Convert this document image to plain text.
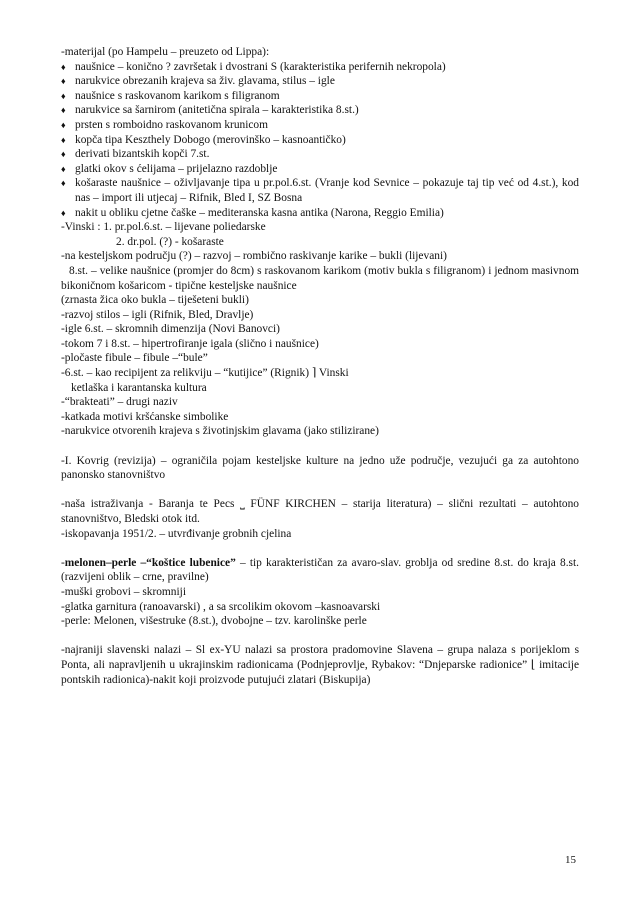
-materijal (po Hampelu – preuzeto od Lippa):
♦ naušnice – konično ? završetak i dvostrani S (karakteristika perifernih nekropola)
♦ narukvice obrezanih krajeva sa živ. glavama, stilus – igle
♦ naušnice s raskovanom karikom s filigranom
♦ narukvice sa šarnirom (anitetična spirala – karakteristika 8.st.)
♦ prsten s romboidno raskovanom krunicom
♦ kopča tipa Keszthely Dobogo (merovinško – kasnoantičko)
♦ derivati bizantskih kopči 7.st.
♦ glatki okov s ćelijama – prijelazno razdoblje
♦ košaraste naušnice – oživljavanje tipa u pr.pol.6.st. (Vranje kod Sevnice – pokazuje taj tip već od 4.st.), kod nas – import ili utjecaj – Rifnik, Bled I, SZ Bosna
♦ nakit u obliku cjetne čaške – mediteranska kasna antika (Narona, Reggio Emilia)
-Vinski : 1. pr.pol.6.st. – lijevane poliedarske
2. dr.pol. (?) - košaraste
-na kesteljskom području (?) – razvoj – rombično raskivanje karike – bukli (lijevani)
8.st. – velike naušnice (promjer do 8cm) s raskovanom karikom (motiv bukla s filigranom) i jednom masivnom bikoničnom košaricom - tipične kesteljske naušnice
(zrnasta žica oko bukla – tiješeteni bukli)
-razvoj stilos – igli (Rifnik, Bled, Dravlje)
-igle 6.st. – skromnih dimenzija (Novi Banovci)
-tokom 7 i 8.st. – hipertrofiranje igala (slično i naušnice)
-pločaste fibule – fibule –“bule”
-6.st. – kao recipijent za relikviju – “kutijice” (Rignik) ⌉ Vinski
ketlaška i karantanska kultura
-“brakteati” – drugi naziv
-katkada motivi kršćanske simbolike
-narukvice otvorenih krajeva s životinjskim glavama (jako stilizirane)
-I. Kovrig (revizija) – ograničila pojam kesteljske kulture na jedno uže područje, vezujući ga za autohtono panonsko stanovništvo
-naša istraživanja - Baranja te Pecs ⎵ FÜNF KIRCHEN – starija literatura) – slični rezultati – autohtono stanovništvo, Bledski otok itd.
-iskopavanja 1951/2. – utvrđivanje grobnih cjelina
-melonen–perle –“koštice lubenice” – tip karakterističan za avaro-slav. groblja od sredine 8.st. do kraja 8.st. (razvijeni oblik – crne, pravilne)
-muški grobovi – skromniji
-glatka garnitura (ranoavarski) , a sa srcolikim okovom –kasnoavarski
-perle: Melonen, višestruke (8.st.), dvobojne – tzv. karolinške perle
-najraniji slavenski nalazi – Sl ex-YU nalazi sa prostora pradomovine Slavena – grupa nalaza s porijeklom s Ponta, ali napravljenih u ukrajinskim radionicama (Podnjeprovlje, Rybakov: “Dnjeparske radionice” ⌊ imitacije pontskih radionica)-nakit koji proizvode putujući zlatari (Biskupija)
15
